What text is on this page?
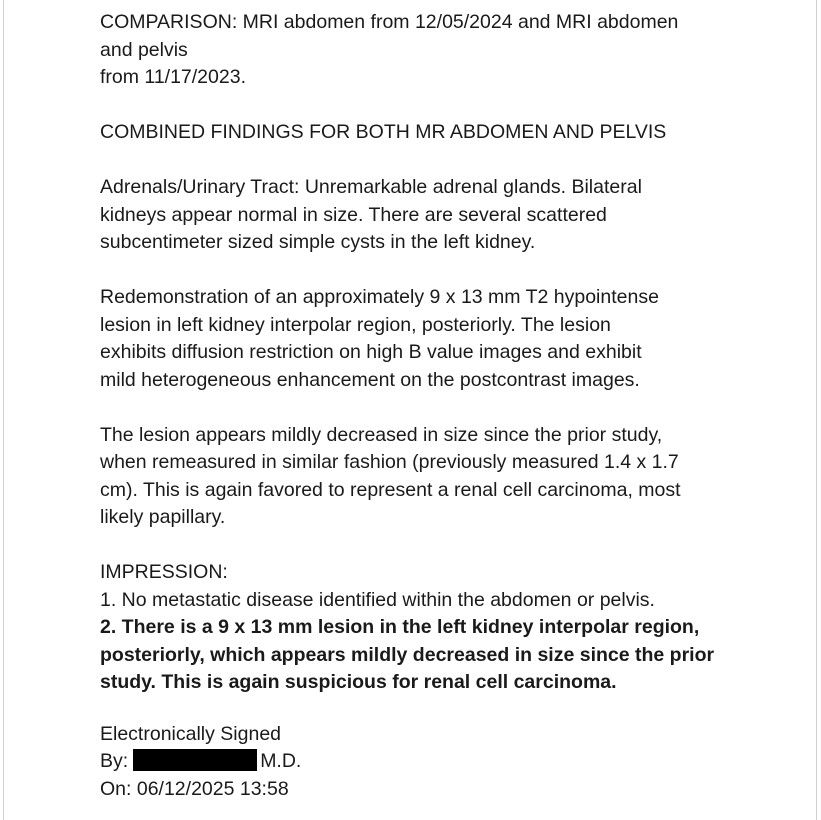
COMPARISON: MRI abdomen from 12/05/2024 and MRI abdomen
and pelvis
from 11/17/2023.
COMBINED FINDINGS FOR BOTH MR ABDOMEN AND PELVIS
Adrenals/Urinary Tract: Unremarkable adrenal glands. Bilateral
kidneys appear normal in size. There are several scattered
subcentimeter sized simple cysts in the left kidney.
Redemonstration of an approximately 9 x 13 mm T2 hypointense
lesion in left kidney interpolar region, posteriorly. The lesion
exhibits diffusion restriction on high B value images and exhibit
mild heterogeneous enhancement on the postcontrast images.
The lesion appears mildly decreased in size since the prior study,
when remeasured in similar fashion (previously measured 1.4 x 1.7
cm). This is again favored to represent a renal cell carcinoma, most
likely papillary.
IMPRESSION:
1. No metastatic disease identified within the abdomen or pelvis.
2. There is a 9 x 13 mm lesion in the left kidney interpolar region,
posteriorly, which appears mildly decreased in size since the prior
study. This is again suspicious for renal cell carcinoma.
Electronically Signed
By:	M.D.
On: 06/12/2025 13:58
